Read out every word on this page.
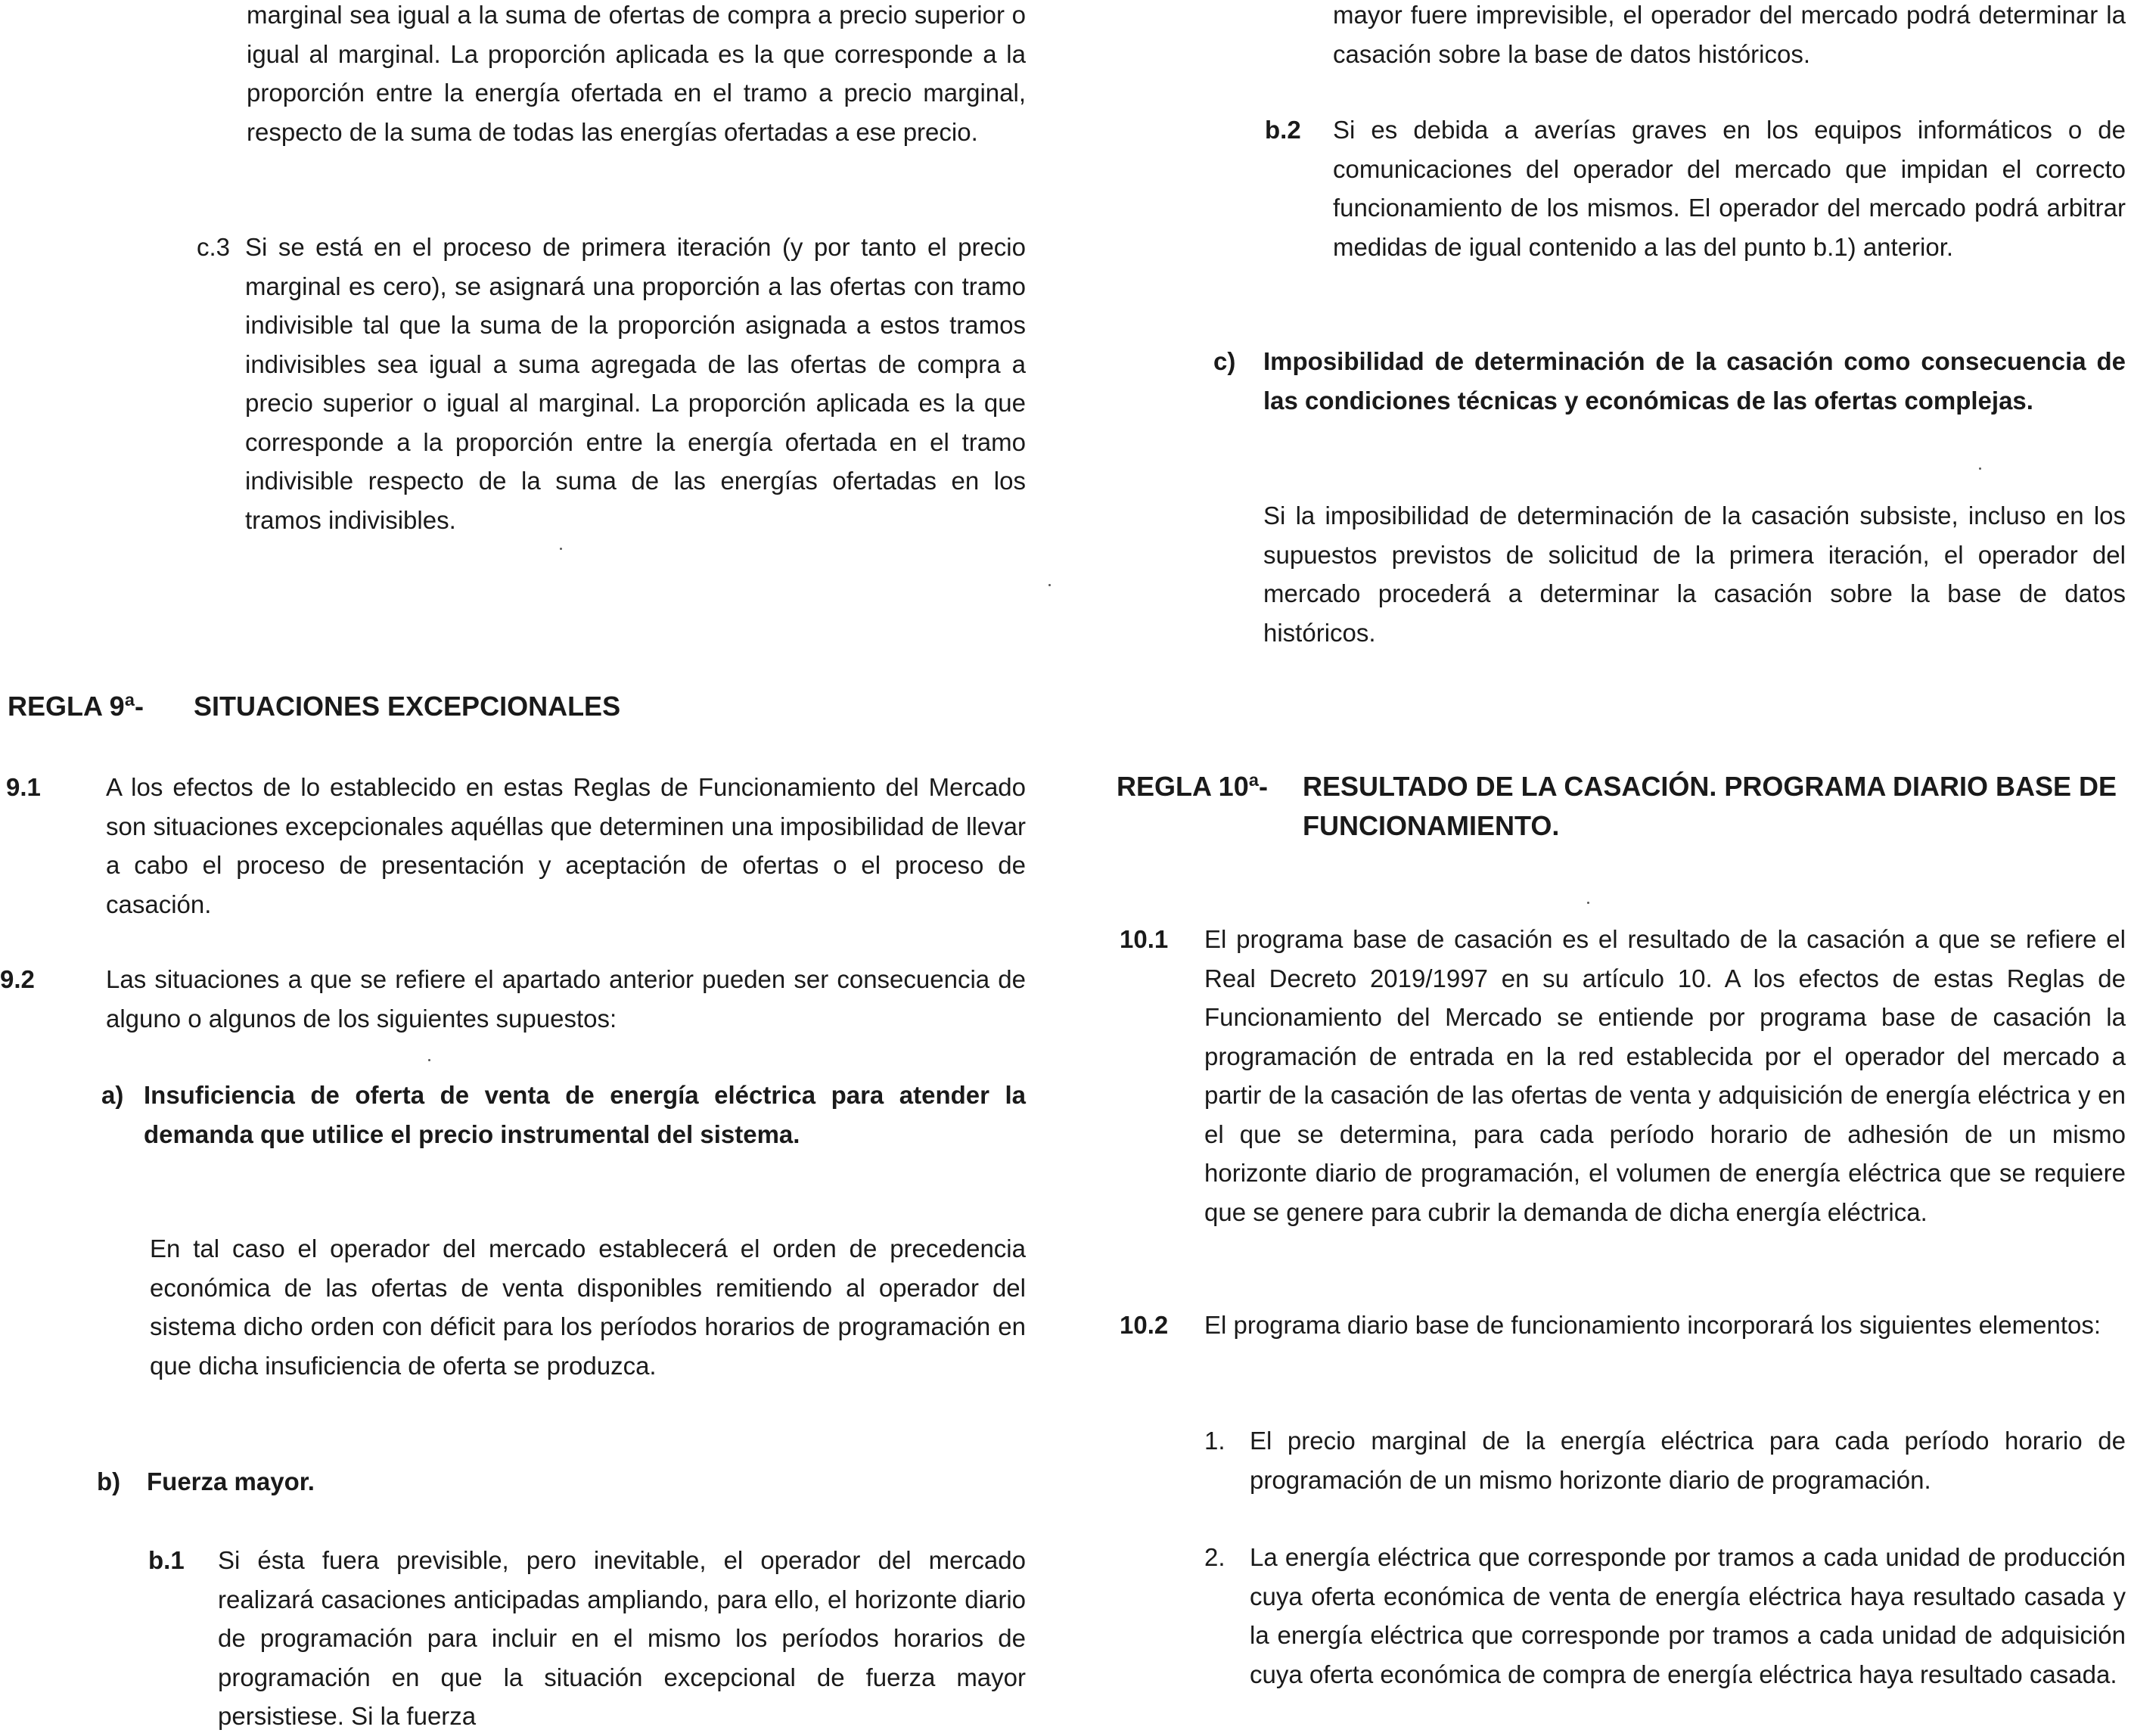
marginal sea igual a la suma de ofertas de compra a precio superior o igual al marginal. La proporción aplicada es la que corresponde a la proporción entre la energía ofertada en el tramo a precio marginal, respecto de la suma de todas las energías ofertadas a ese precio.

c.3 Si se está en el proceso de primera iteración (y por tanto el precio marginal es cero), se asignará una proporción a las ofertas con tramo indivisible tal que la suma de la proporción asignada a estos tramos indivisibles sea igual a suma agregada de las ofertas de compra a precio superior o igual al marginal. La proporción aplicada es la que corresponde a la proporción entre la energía ofertada en el tramo indivisible respecto de la suma de las energías ofertadas en los tramos indivisibles.

REGLA 9ª- SITUACIONES EXCEPCIONALES
9.1	A los efectos de lo establecido en estas Reglas de Funcionamiento del Mercado son situaciones excepcionales aquéllas que determinen una imposibilidad de llevar a cabo el proceso de presentación y aceptación de ofertas o el proceso de casación.

9.2	Las situaciones a que se refiere el apartado anterior pueden ser consecuencia de alguno o algunos de los siguientes supuestos:

a) Insuficiencia de oferta de venta de energía eléctrica para atender la demanda que utilice el precio instrumental del sistema.

En tal caso el operador del mercado establecerá el orden de precedencia económica de las ofertas de venta disponibles remitiendo al operador del sistema dicho orden con déficit para los períodos horarios de programación en que dicha insuficiencia de oferta se produzca.

b) Fuerza mayor.

b.1 Si ésta fuera previsible, pero inevitable, el operador del mercado realizará casaciones anticipadas ampliando, para ello, el horizonte diario de programación para incluir en el mismo los períodos horarios de programación en que la situación excepcional de fuerza mayor persistiese. Si la fuerza

mayor fuere imprevisible, el operador del mercado podrá determinar la casación sobre la base de datos históricos.

b.2 Si es debida a averías graves en los equipos informáticos o de comunicaciones del operador del mercado que impidan el correcto funcionamiento de los mismos. El operador del mercado podrá arbitrar medidas de igual contenido a las del punto b.1) anterior.

c) Imposibilidad de determinación de la casación como consecuencia de las condiciones técnicas y económicas de las ofertas complejas.

Si la imposibilidad de determinación de la casación subsiste, incluso en los supuestos previstos de solicitud de la primera iteración, el operador del mercado procederá a determinar la casación sobre la base de datos históricos.

REGLA 10ª- RESULTADO DE LA CASACIÓN. PROGRAMA DIARIO BASE DE FUNCIONAMIENTO.
10.1 El programa base de casación es el resultado de la casación a que se refiere el Real Decreto 2019/1997 en su artículo 10. A los efectos de estas Reglas de Funcionamiento del Mercado se entiende por programa base de casación la programación de entrada en la red establecida por el operador del mercado a partir de la casación de las ofertas de venta y adquisición de energía eléctrica y en el que se determina, para cada período horario de adhesión de un mismo horizonte diario de programación, el volumen de energía eléctrica que se requiere que se genere para cubrir la demanda de dicha energía eléctrica.

10.2 El programa diario base de funcionamiento incorporará los siguientes elementos:

1. El precio marginal de la energía eléctrica para cada período horario de programación de un mismo horizonte diario de programación.

2. La energía eléctrica que corresponde por tramos a cada unidad de producción cuya oferta económica de venta de energía eléctrica haya resultado casada y la energía eléctrica que corresponde por tramos a cada unidad de adquisición cuya oferta económica de compra de energía eléctrica haya resultado casada.
